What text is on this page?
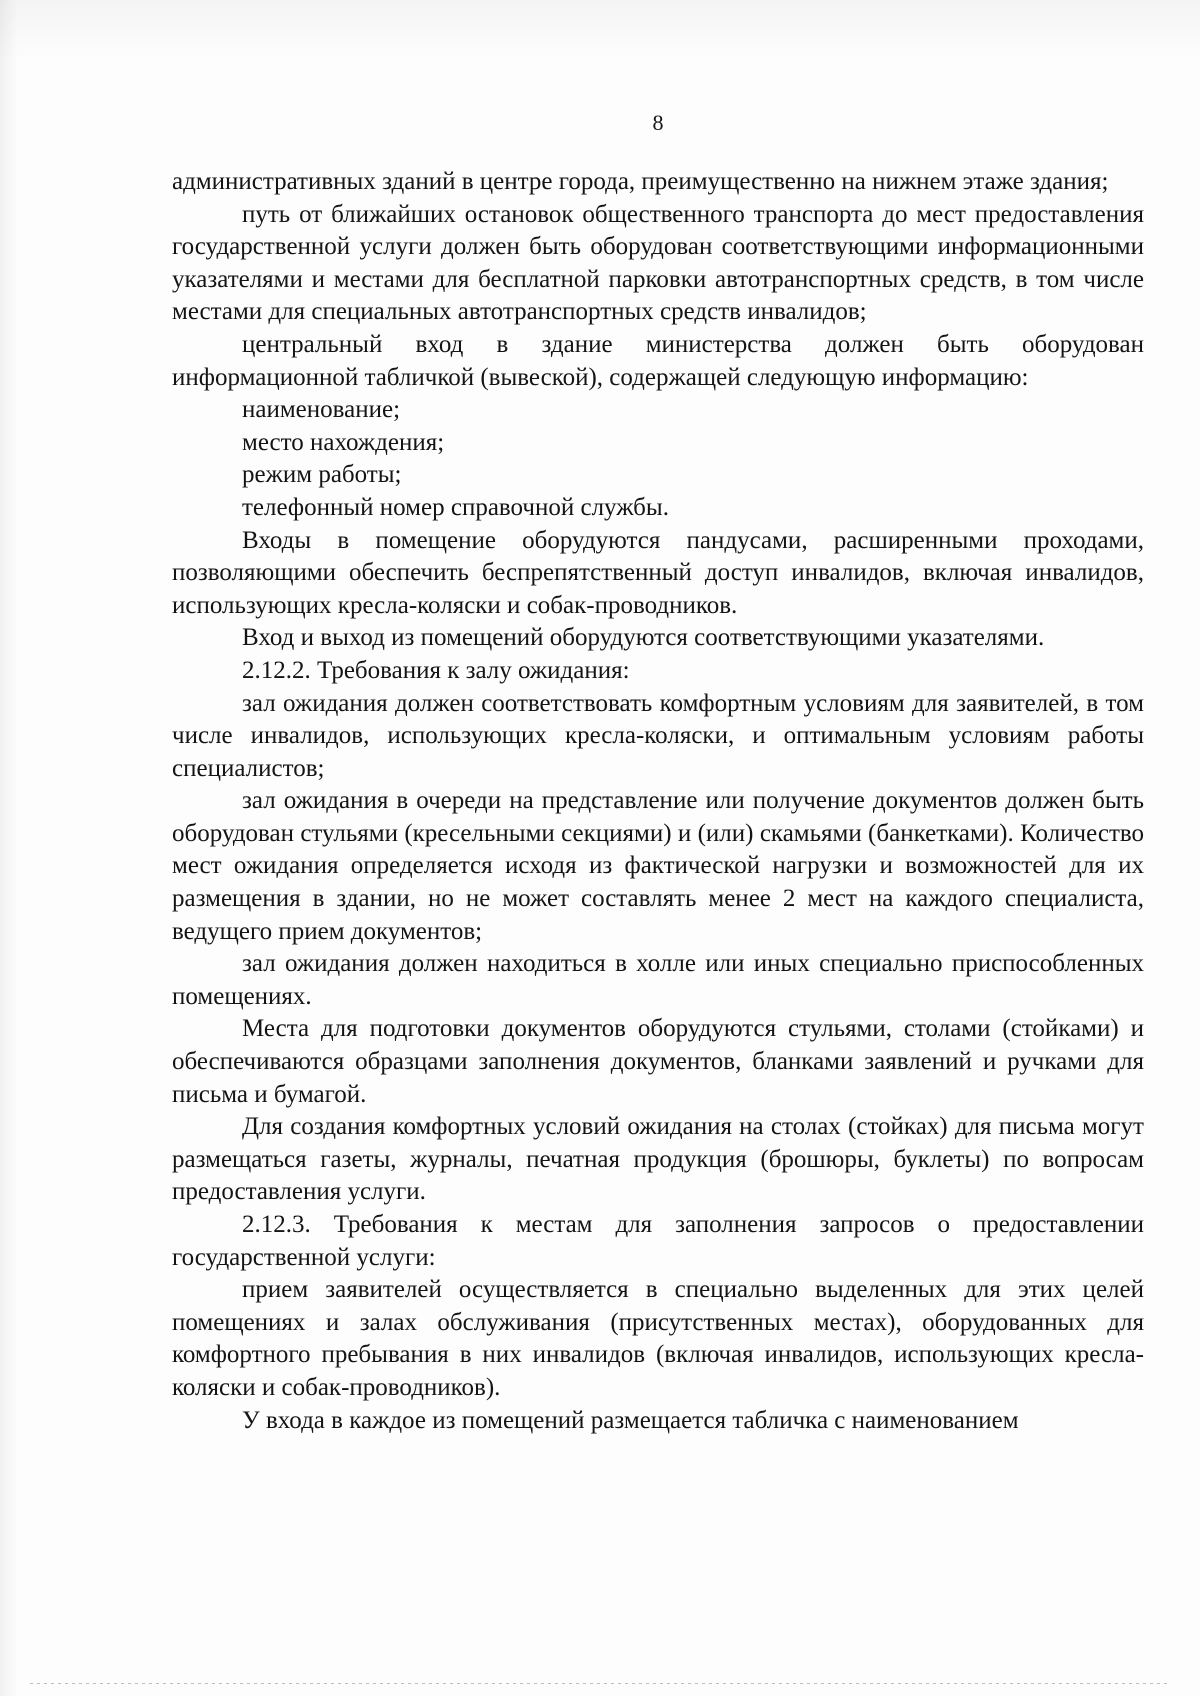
8

административных зданий в центре города, преимущественно на нижнем этаже здания;

путь от ближайших остановок общественного транспорта до мест предоставления государственной услуги должен быть оборудован соответствующими информационными указателями и местами для бесплатной парковки автотранспортных средств, в том числе местами для специальных автотранспортных средств инвалидов;

центральный вход в здание министерства должен быть оборудован информационной табличкой (вывеской), содержащей следующую информацию:

наименование;

место нахождения;

режим работы;

телефонный номер справочной службы.

Входы в помещение оборудуются пандусами, расширенными проходами, позволяющими обеспечить беспрепятственный доступ инвалидов, включая инвалидов, использующих кресла-коляски и собак-проводников.

Вход и выход из помещений оборудуются соответствующими указателями.

2.12.2. Требования к залу ожидания:

зал ожидания должен соответствовать комфортным условиям для заявителей, в том числе инвалидов, использующих кресла-коляски, и оптимальным условиям работы специалистов;

зал ожидания в очереди на представление или получение документов должен быть оборудован стульями (кресельными секциями) и (или) скамьями (банкетками). Количество мест ожидания определяется исходя из фактической нагрузки и возможностей для их размещения в здании, но не может составлять менее 2 мест на каждого специалиста, ведущего прием документов;

зал ожидания должен находиться в холле или иных специально приспособленных помещениях.

Места для подготовки документов оборудуются стульями, столами (стойками) и обеспечиваются образцами заполнения документов, бланками заявлений и ручками для письма и бумагой.

Для создания комфортных условий ожидания на столах (стойках) для письма могут размещаться газеты, журналы, печатная продукция (брошюры, буклеты) по вопросам предоставления услуги.

2.12.3. Требования к местам для заполнения запросов о предоставлении государственной услуги:

прием заявителей осуществляется в специально выделенных для этих целей помещениях и залах обслуживания (присутственных местах), оборудованных для комфортного пребывания в них инвалидов (включая инвалидов, использующих кресла-коляски и собак-проводников).

У входа в каждое из помещений размещается табличка с наименованием
